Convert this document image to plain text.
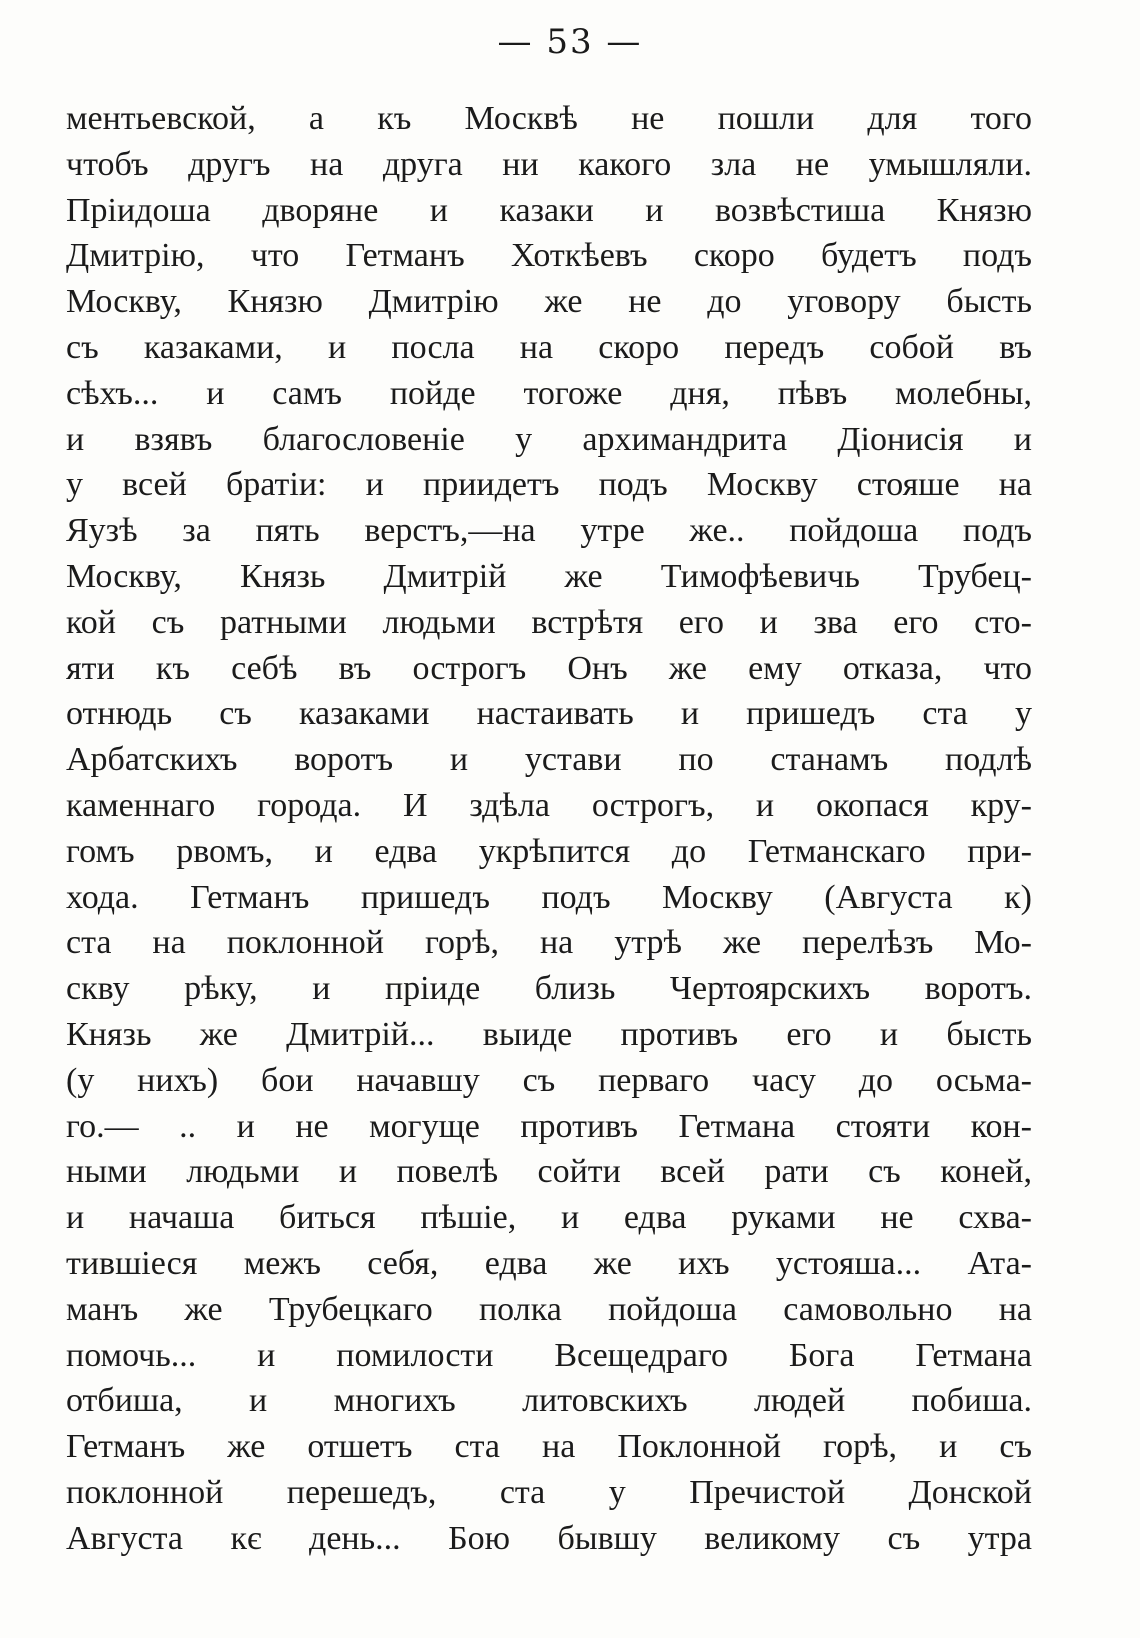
— 53 —
ментьевской, а къ Москвѣ не пошли для того
чтобъ другъ на друга ни какого зла не умышляли.
Пріидоша дворяне и казаки и возвѣстиша Князю
Дмитрію, что Гетманъ Хоткѣевъ скоро будетъ подъ
Москву, Князю Дмитрію же не до уговору бысть
съ казаками, и посла на скоро передъ собой въ
сѣхъ... и самъ пойде тогоже дня, пѣвъ молебны,
и взявъ благословеніе у архимандрита Діонисія и
у всей братіи: и приидетъ подъ Москву стояше на
Яузѣ за пять верстъ,—на утре же.. пойдоша подъ
Москву, Князь Дмитрій же Тимофѣевичь Трубец-
кой съ ратными людьми встрѣтя его и зва его сто-
яти къ себѣ въ острогъ Онъ же ему отказа, что
отнюдь съ казаками настаивать и пришедъ ста у
Арбатскихъ воротъ и устави по станамъ подлѣ
каменнаго города. И здѣла острогъ, и окопася кру-
гомъ рвомъ, и едва укрѣпится до Гетманскаго при-
хода. Гетманъ пришедъ подъ Москву (Августа к)
ста на поклонной горѣ, на утрѣ же перелѣзъ Мо-
скву рѣку, и пріиде близь Чертоярскихъ воротъ.
Князь же Дмитрій... выиде противъ его и бысть
(у нихъ) бои начавшу съ перваго часу до осьма-
го.— .. и не могуще противъ Гетмана стояти кон-
ными людьми и повелѣ сойти всей рати съ коней,
и начаша биться пѣшіе, и едва руками не схва-
тившіеся межъ себя, едва же ихъ устояша... Ата-
манъ же Трубецкаго полка пойдоша самовольно на
помочь... и помилости Всещедраго Бога Гетмана
отбиша, и многихъ литовскихъ людей побиша.
Гетманъ же отшетъ ста на Поклонной горѣ, и съ
поклонной перешедъ, ста у Пречистой Донской
Августа кє день... Бою бывшу великому съ утра
